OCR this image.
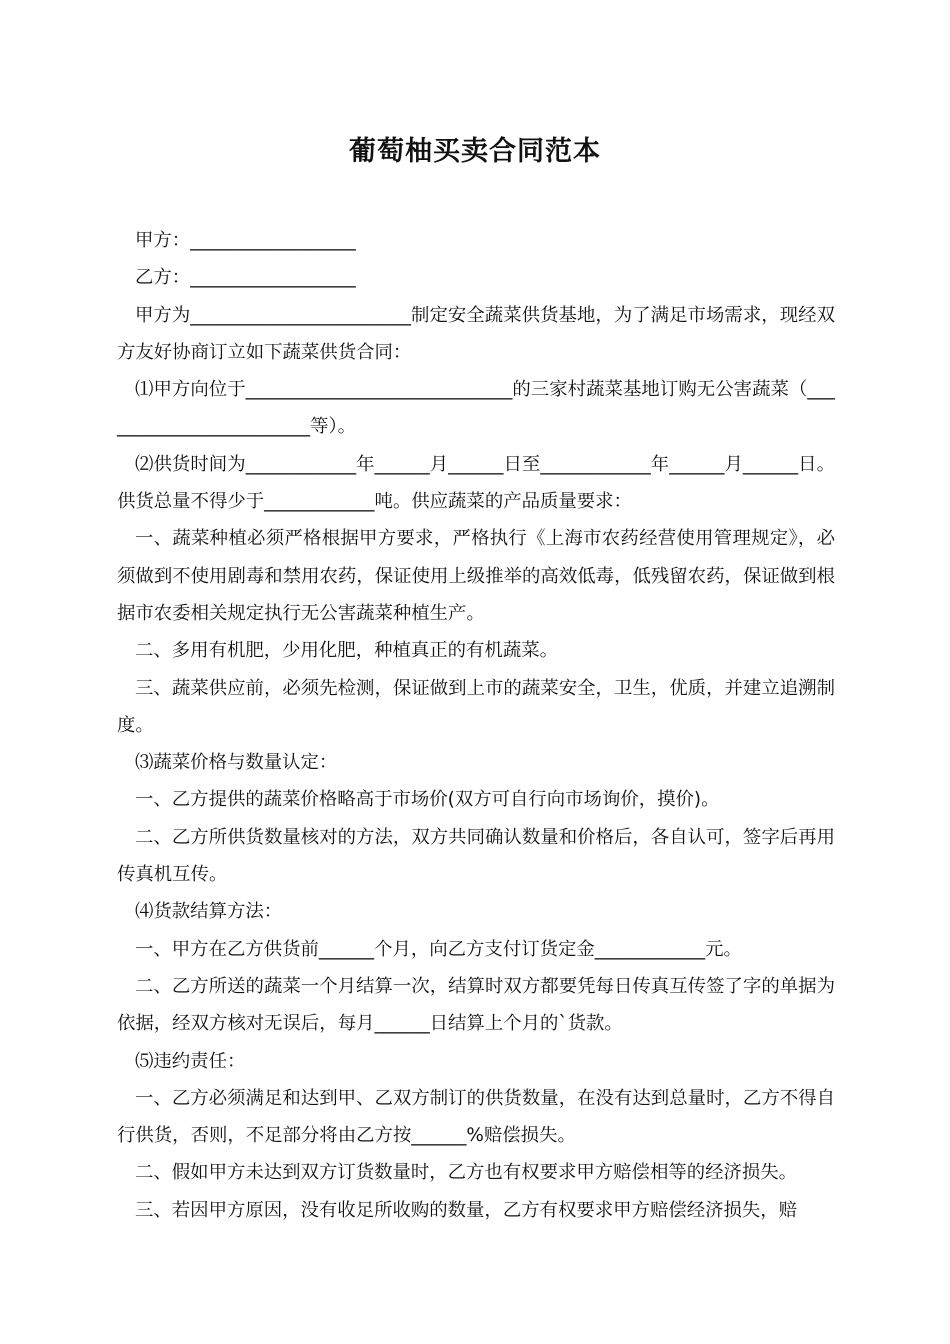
葡萄柚买卖合同范本

甲方：__________________

乙方：__________________

甲方为________________________制定安全蔬菜供货基地，为了满足市场需求，现经双方友好协商订立如下蔬菜供货合同：

⑴甲方向位于_____________________________的三家村蔬菜基地订购无公害蔬菜（________________________等）。

⑵供货时间为____________年______月______日至____________年______月______日。供货总量不得少于____________吨。供应蔬菜的产品质量要求：

一、蔬菜种植必须严格根据甲方要求，严格执行《上海市农药经营使用管理规定》，必须做到不使用剧毒和禁用农药，保证使用上级推举的高效低毒，低残留农药，保证做到根据市农委相关规定执行无公害蔬菜种植生产。

二、多用有机肥，少用化肥，种植真正的有机蔬菜。

三、蔬菜供应前，必须先检测，保证做到上市的蔬菜安全，卫生，优质，并建立追溯制度。

⑶蔬菜价格与数量认定：

一、乙方提供的蔬菜价格略高于市场价(双方可自行向市场询价，摸价)。

二、乙方所供货数量核对的方法，双方共同确认数量和价格后，各自认可，签字后再用传真机互传。

⑷货款结算方法：

一、甲方在乙方供货前______个月，向乙方支付订货定金____________元。

二、乙方所送的蔬菜一个月结算一次，结算时双方都要凭每日传真互传签了字的单据为依据，经双方核对无误后，每月______日结算上个月的`货款。

⑸违约责任：

一、乙方必须满足和达到甲、乙双方制订的供货数量，在没有达到总量时，乙方不得自行供货，否则，不足部分将由乙方按______%赔偿损失。

二、假如甲方未达到双方订货数量时，乙方也有权要求甲方赔偿相等的经济损失。

三、若因甲方原因，没有收足所收购的数量，乙方有权要求甲方赔偿经济损失，赔
